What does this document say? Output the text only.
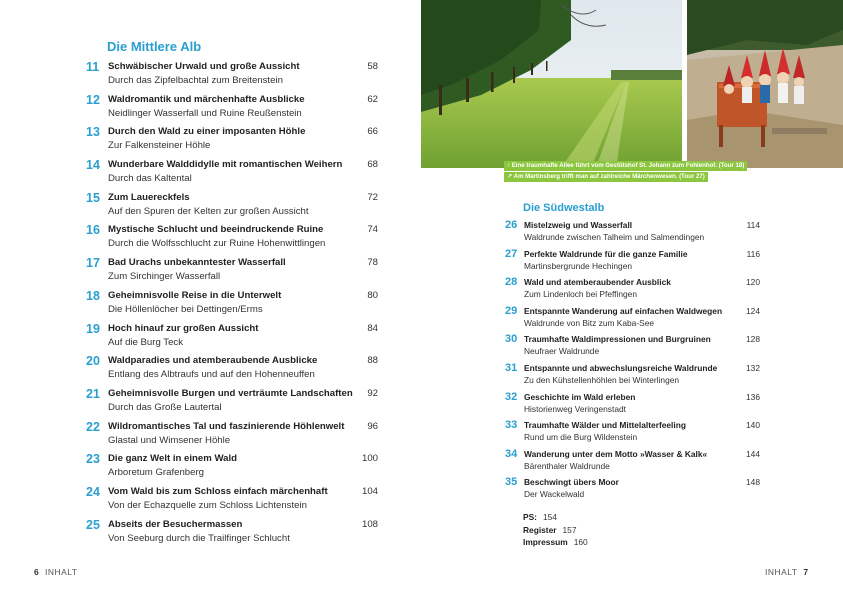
Die Mittlere Alb
11 Schwäbischer Urwald und große Aussicht
Durch das Zipfelbachtal zum Breitenstein
58
12 Waldromantik und märchenhafte Ausblicke
Neidlinger Wasserfall und Ruine Reußenstein
62
13 Durch den Wald zu einer imposanten Höhle
Zur Falkensteiner Höhle
66
14 Wunderbare Walddidylle mit romantischen Weihern
Durch das Kaltental
68
15 Zum Lauereckfels
Auf den Spuren der Kelten zur großen Aussicht
72
16 Mystische Schlucht und beeindruckende Ruine
Durch die Wolfsschlucht zur Ruine Hohenwittlingen
74
17 Bad Urachs unbekanntester Wasserfall
Zum Sirchinger Wasserfall
78
18 Geheimnisvolle Reise in die Unterwelt
Die Höllenlöcher bei Dettingen/Erms
80
19 Hoch hinauf zur großen Aussicht
Auf die Burg Teck
84
20 Waldparadies und atemberaubende Ausblicke
Entlang des Albtraufs und auf den Hohenneuffen
88
21 Geheimnisvolle Burgen und verträumte Landschaften
Durch das Große Lautertal
92
22 Wildromantisches Tal und faszinierende Höhlenwelt
Glastal und Wimsener Höhle
96
23 Die ganz Welt in einem Wald
Arboretum Grafenberg
100
24 Vom Wald bis zum Schloss einfach märchenhaft
Von der Echazquelle zum Schloss Lichtenstein
104
25 Abseits der Besuchermassen
Von Seeburg durch die Trailfinger Schlucht
108
6 INHALT
↑ Eine traumhafte Allee führt vom Gestütshof St. Johann zum Fohlenhof. (Tour 18)
↗ Am Martinsberg trifft man auf zahlreiche Märchenwesen. (Tour 27)
Die Südwestalb
26 Mistelzweig und Wasserfall
Waldrunde zwischen Talheim und Salmendingen
114
27 Perfekte Waldrunde für die ganze Familie
Martinsbergrunde Hechingen
116
28 Wald und atemberaubender Ausblick
Zum Lindenloch bei Pfeffingen
120
29 Entspannte Wanderung auf einfachen Waldwegen
Waldrunde von Bitz zum Kaba-See
124
30 Traumhafte Waldimpressionen und Burgruinen
Neufraer Waldrunde
128
31 Entspannte und abwechslungsreiche Waldrunde
Zu den Kühstellenhöhlen bei Winterlingen
132
32 Geschichte im Wald erleben
Historienweg Veringenstadt
136
33 Traumhafte Wälder und Mittelalterfeeling
Rund um die Burg Wildenstein
140
34 Wanderung unter dem Motto »Wasser & Kalk«
Bärenthaler Waldrunde
144
35 Beschwingt übers Moor
Der Wackelwald
148
INHALT 7
PS: 154
Register 157
Impressum 160
